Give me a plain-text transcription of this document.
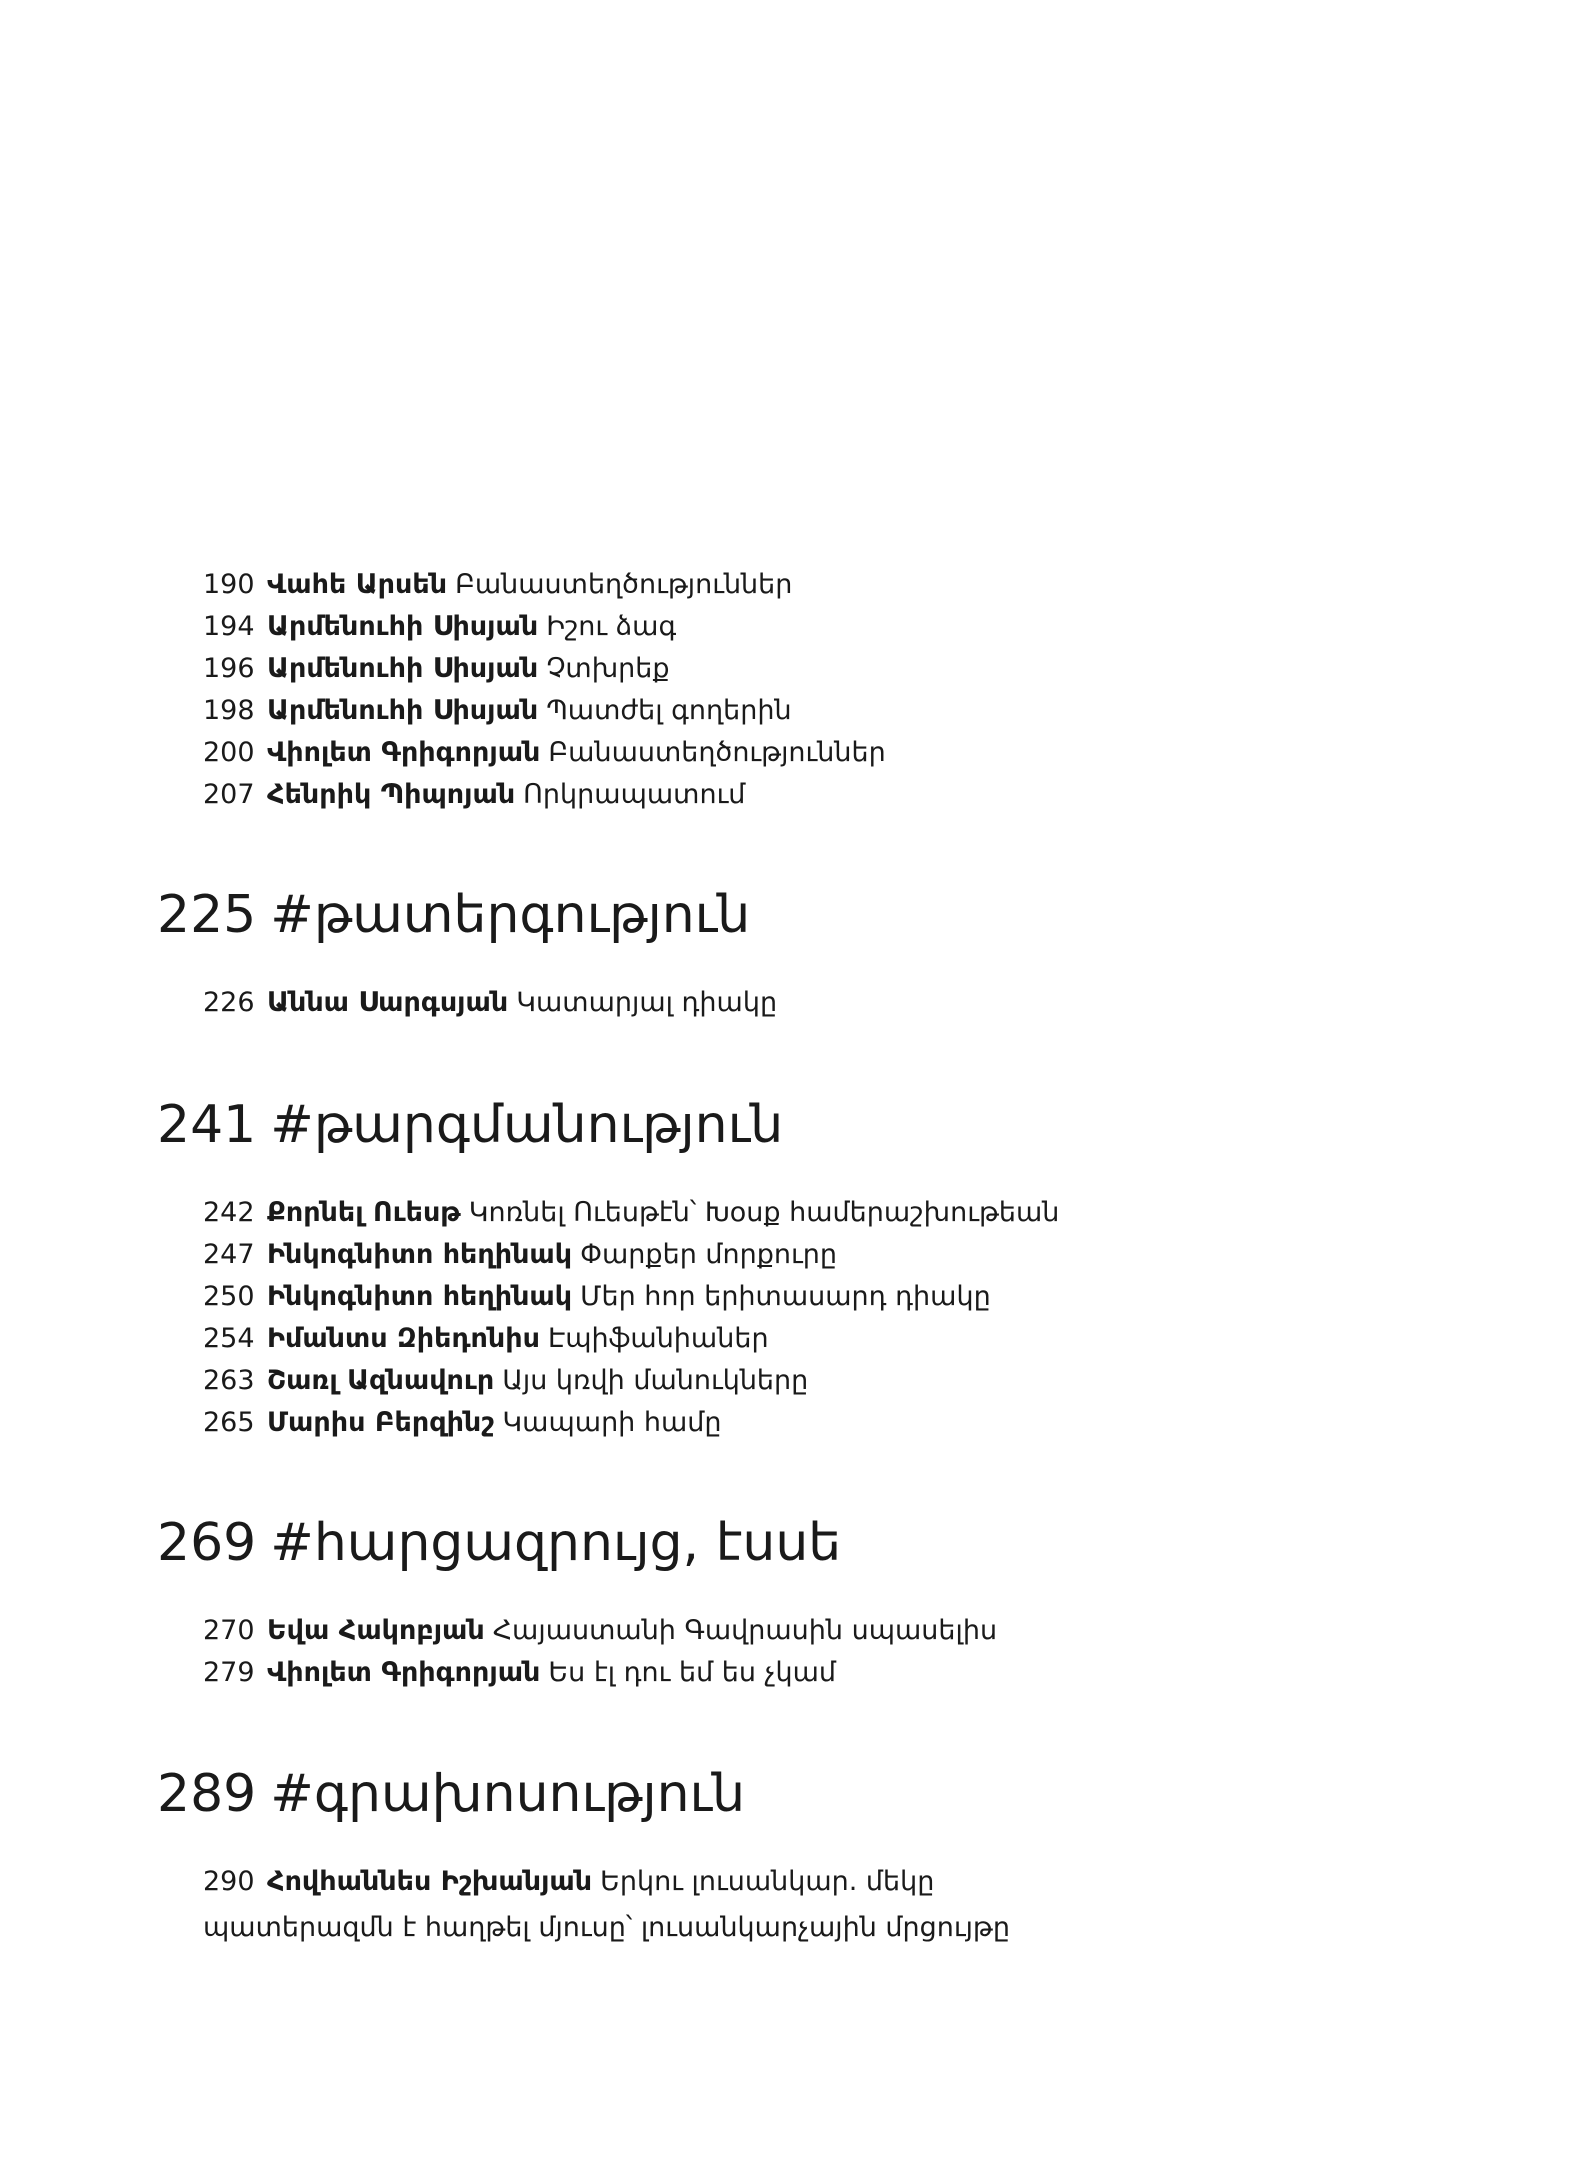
190 Վահե Արսեն Բանաստեղծություններ
194 Արմենուհի Սիսյան Իշու ձագ
196 Արմենուհի Սիսյան Չտխրեք
198 Արմենուհի Սիսյան Պատժել գողերին
200 Վիոլետ Գրիգորյան Բանաստեղծություններ
207 Հենրիկ Պիպոյան Որկրապատում
225 #թատերգություն
226 Աննա Սարգսյան Կատարյալ դիակը
241 #թարգմանություն
242 Քորնել Ուեսթ Կոռնել Ուեսթէն՝ Խօսք համերաշխութեան
247 Ինկոգնիտո հեղինակ Փարքեր մորքուրը
250 Ինկոգնիտո հեղինակ Մեր հոր երիտասարդ դիակը
254 Իմանտս Զիեդոնիս Էպիֆանիաներ
263 Շառլ Ազնավուր Այս կռվի մանուկները
265 Մարիս Բերզինշ Կապարի համը
269 #հարցազրույց, էսսե
270 Եվա Հակոբյան Հայաստանի Գավրասին սպասելիս
279 Վիոլետ Գրիգորյան Ես էլ դու եմ ես չկամ
289 #գրախոսություն
290 Հովհաննես Իշխանյան Երկու լուսանկար. մեկը
պատերազմն է հաղթել մյուսը՝ լուսանկարչային մրցույթը
